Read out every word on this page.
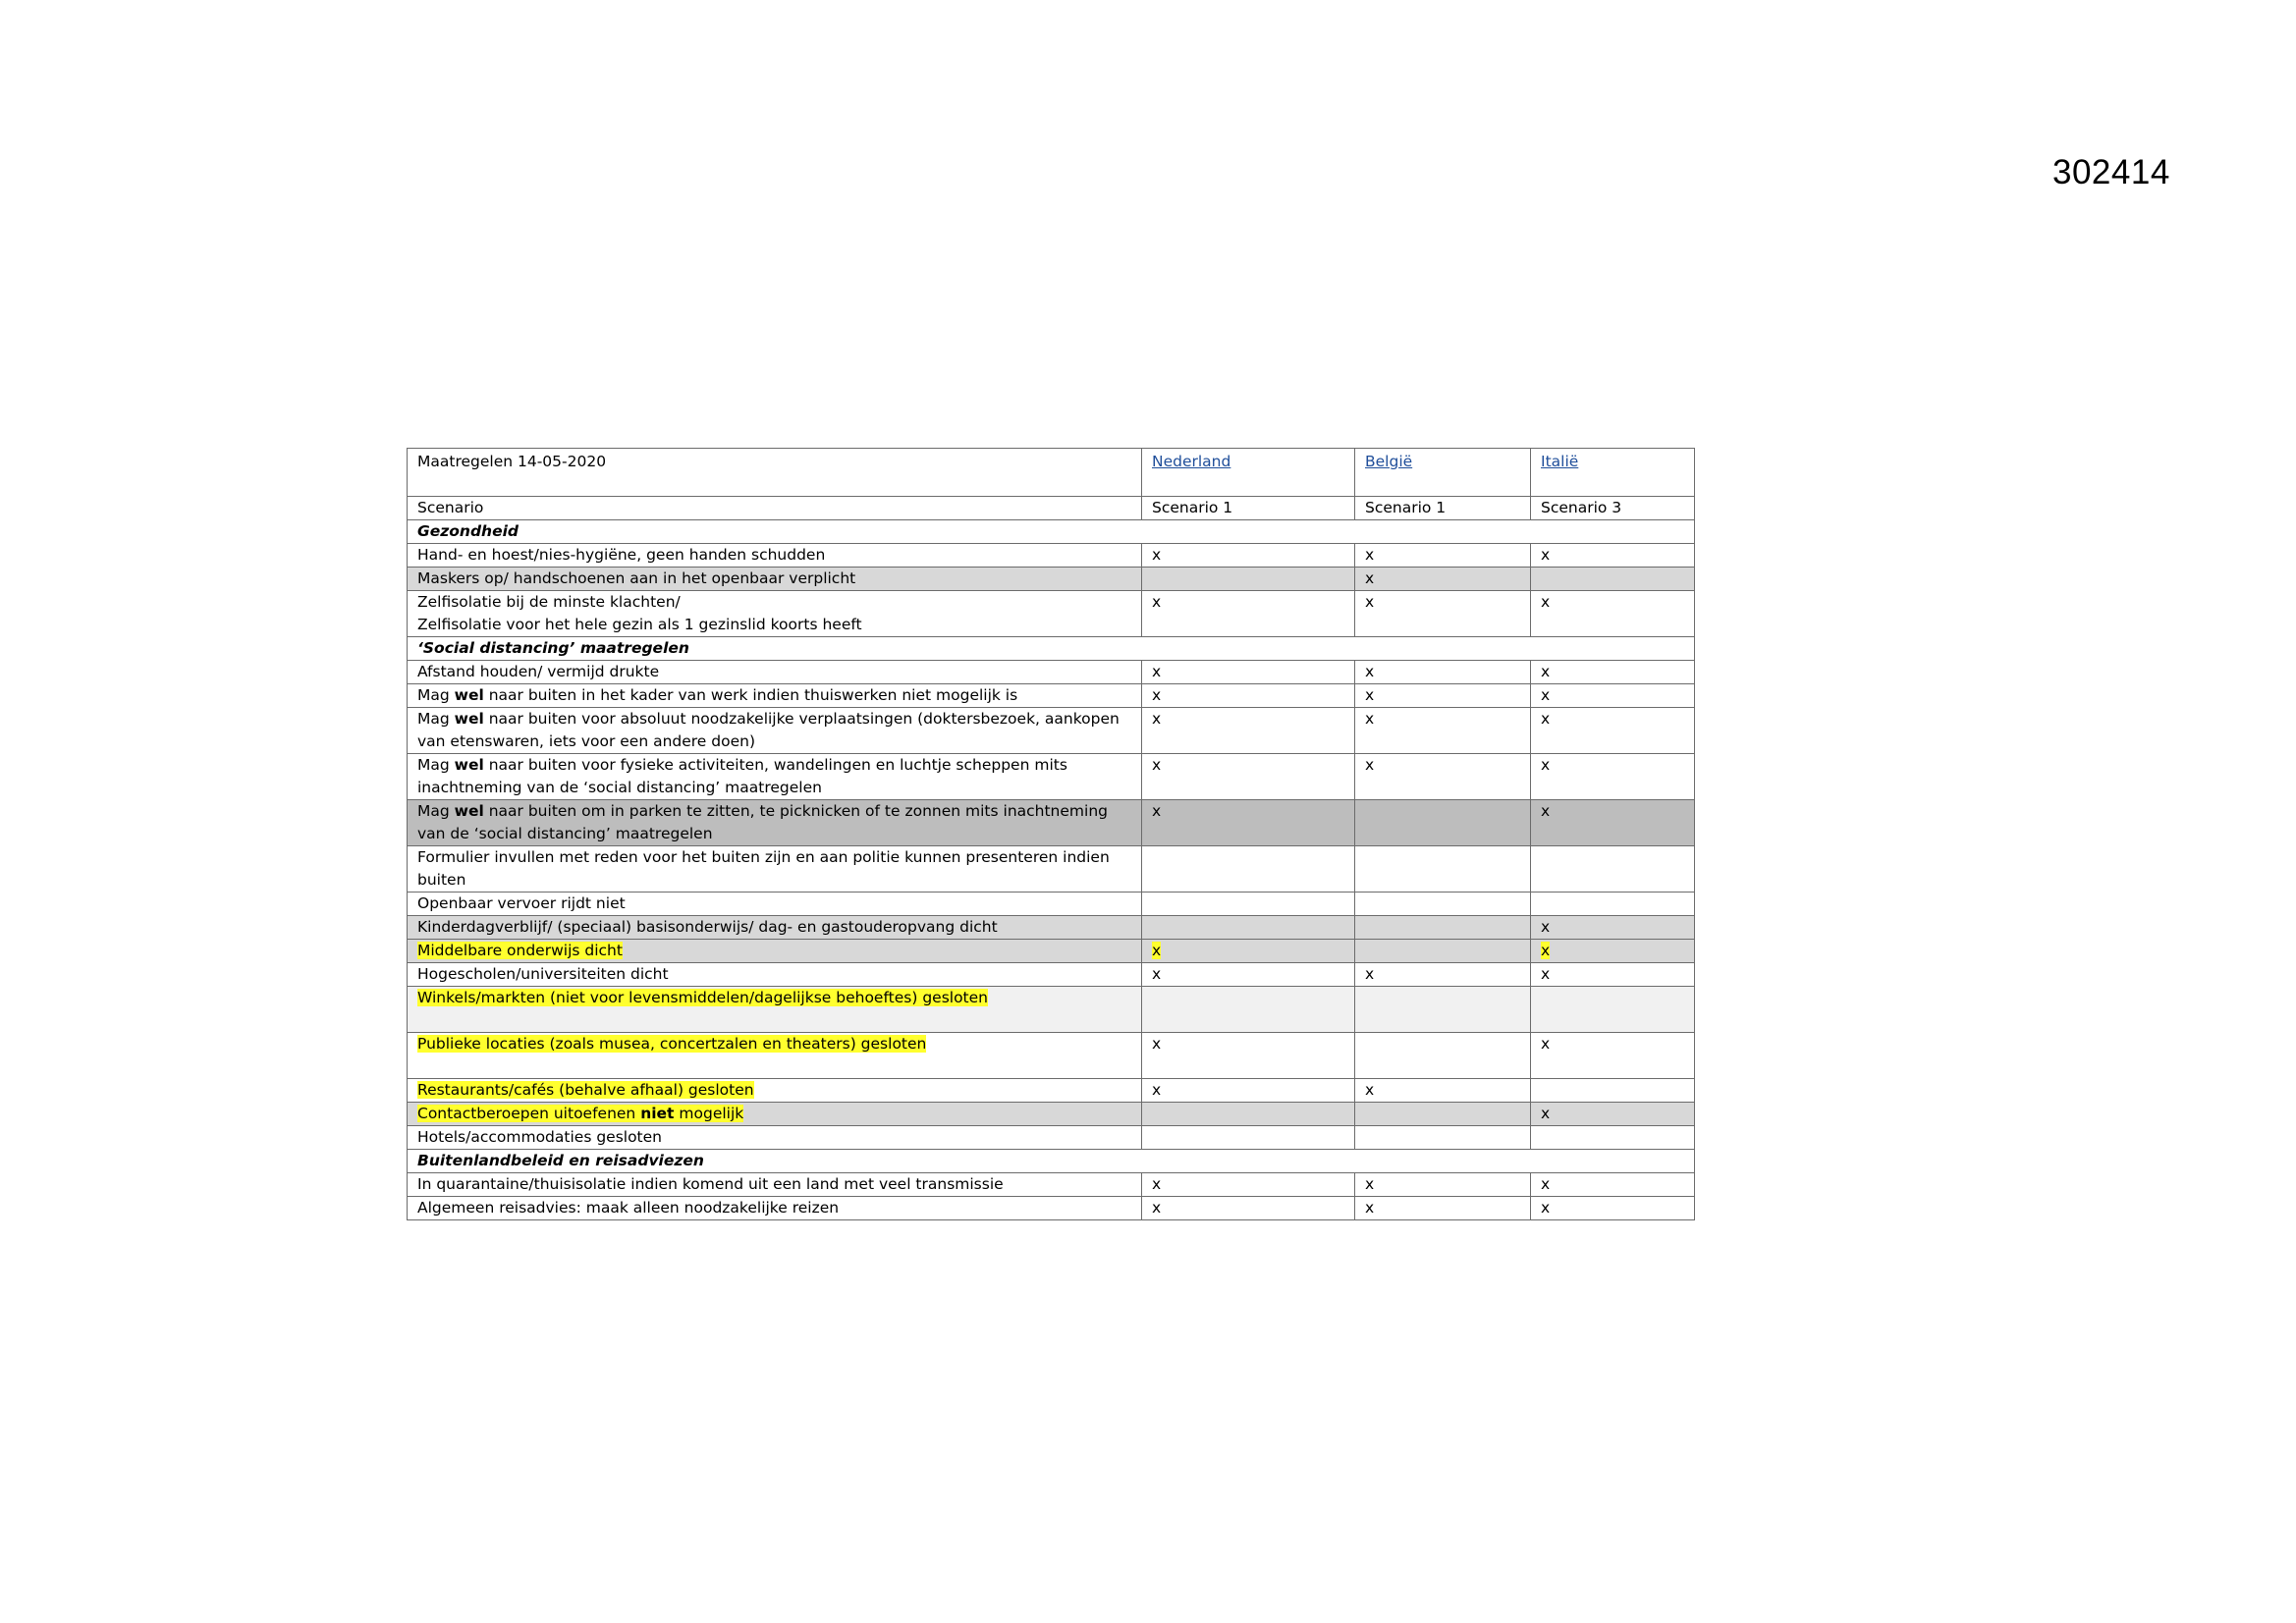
302414
Maatregelen 14-05-2020	Nederland	België	Italië
Scenario	Scenario 1	Scenario 1	Scenario 3
Gezondheid			
Hand- en hoest/nies-hygiëne, geen handen schudden	x	x	x
Maskers op/ handschoenen aan in het openbaar verplicht		x	
Zelfisolatie bij de minste klachten/
Zelfisolatie voor het hele gezin als 1 gezinslid koorts heeft	x	x	x
‘Social distancing’ maatregelen			
Afstand houden/ vermijd drukte	x	x	x
Mag wel naar buiten in het kader van werk indien thuiswerken niet mogelijk is	x	x	x
Mag wel naar buiten voor absoluut noodzakelijke verplaatsingen (doktersbezoek, aankopen van etenswaren, iets voor een andere doen)	x	x	x
Mag wel naar buiten voor fysieke activiteiten, wandelingen en luchtje scheppen mits inachtneming van de ‘social distancing’ maatregelen	x	x	x
Mag wel naar buiten om in parken te zitten, te picknicken of te zonnen mits inachtneming van de ‘social distancing’ maatregelen	x		x
Formulier invullen met reden voor het buiten zijn en aan politie kunnen presenteren indien buiten			
Openbaar vervoer rijdt niet			
Kinderdagverblijf/ (speciaal) basisonderwijs/ dag- en gastouderopvang dicht			x
Middelbare onderwijs dicht	x		x
Hogescholen/universiteiten dicht	x	x	x
Winkels/markten (niet voor levensmiddelen/dagelijkse behoeftes) gesloten			
Publieke locaties (zoals musea, concertzalen en theaters) gesloten	x		x
Restaurants/cafés (behalve afhaal) gesloten	x	x	
Contactberoepen uitoefenen niet mogelijk			x
Hotels/accommodaties gesloten			
Buitenlandbeleid en reisadviezen			
In quarantaine/thuisisolatie indien komend uit een land met veel transmissie	x	x	x
Algemeen reisadvies: maak alleen noodzakelijke reizen	x	x	x
